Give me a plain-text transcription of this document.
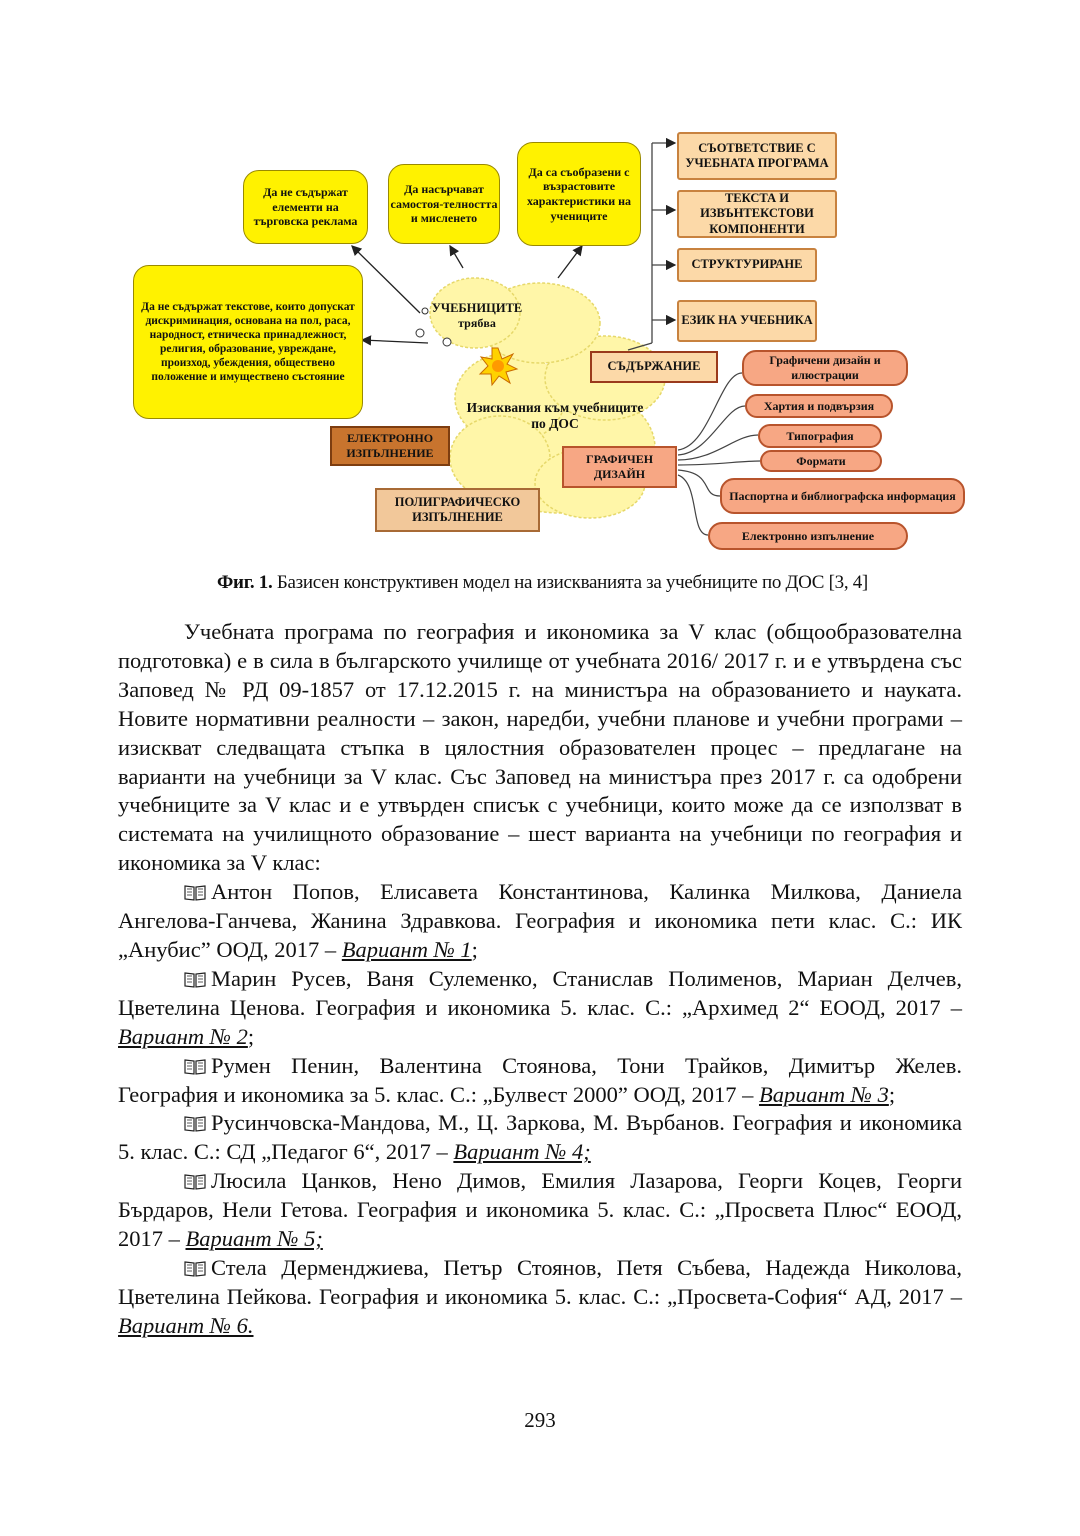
УЧЕБНИЦИТЕ
трябва
Изисквания към учебниците по ДОС
Да не съдържат елементи на търговска реклама
Да насърчават самостоя-телността и мисленето
Да са съобразени с възрастовите характеристики на учениците
Да не съдържат текстове, които допускат дискриминация, основана на пол, раса, народност, етническа принадлежност, религия, образование, увреждане, произход, убеждения, обществено положение и имуществено състояние
СЪДЪРЖАНИЕ
СЪОТВЕТСТВИЕ С УЧЕБНАТА ПРОГРАМА
ТЕКСТА И ИЗВЪНТЕКСТОВИ КОМПОНЕНТИ
СТРУКТУРИРАНЕ
ЕЗИК НА УЧЕБНИКА
ЕЛЕКТРОННО ИЗПЪЛНЕНИЕ
ПОЛИГРАФИЧЕСКО ИЗПЪЛНЕНИЕ
ГРАФИЧЕН ДИЗАЙН
Графичени дизайн и илюстрации
Хартия и подвързия
Типография
Формати
Паспортна и библиографска информация
Електронно изпълнение
Фиг. 1. Базисен конструктивен модел на изискванията за учебниците по ДОС [3, 4]

Учебната програма по география и икономика за V клас (общообразователна подготовка) е в сила в българското училище от учебната 2016/ 2017 г. и е утвърдена със Заповед № РД 09-1857 от 17.12.2015 г. на министъра на образованието и науката. Новите нормативни реалности – закон, наредби, учебни планове и учебни програми – изискват следващата стъпка в цялостния образователен процес – предлагане на варианти на учебници за V клас. Със Заповед на министъра през 2017 г. са одобрени учебниците за V клас и е утвърден списък с учебници, които може да се използват в системата на училищното образование – шест варианта на учебници по география и икономика за V клас:

Антон Попов, Елисавета Константинова, Калинка Милкова, Даниела Ангелова-Ганчева, Жанина Здравкова. География и икономика пети клас. С.: ИК „Анубис” ООД, 2017 – Вариант № 1;

Марин Русев, Ваня Сулеменко, Станислав Полименов, Мариан Делчев, Цветелина Ценова. География и икономика 5. клас. С.: „Архимед 2“ ЕООД, 2017 – Вариант № 2;

Румен Пенин, Валентина Стоянова, Тони Трайков, Димитър Желев. География и икономика за 5. клас. С.: „Булвест 2000” ООД, 2017 – Вариант № 3;

Русинчовска-Мандова, М., Ц. Заркова, М. Върбанов. География и икономика 5. клас. С.: СД „Педагог 6“, 2017 – Вариант № 4;

Люсила Цанков, Нено Димов, Емилия Лазарова, Георги Коцев, Георги Бърдаров, Нели Гетова. География и икономика 5. клас. С.: „Просвета Плюс“ ЕООД, 2017 – Вариант № 5;

Стела Дерменджиева, Петър Стоянов, Петя Събева, Надежда Николова, Цветелина Пейкова. География и икономика 5. клас. С.: „Просвета-София“ АД, 2017 – Вариант № 6.

293
